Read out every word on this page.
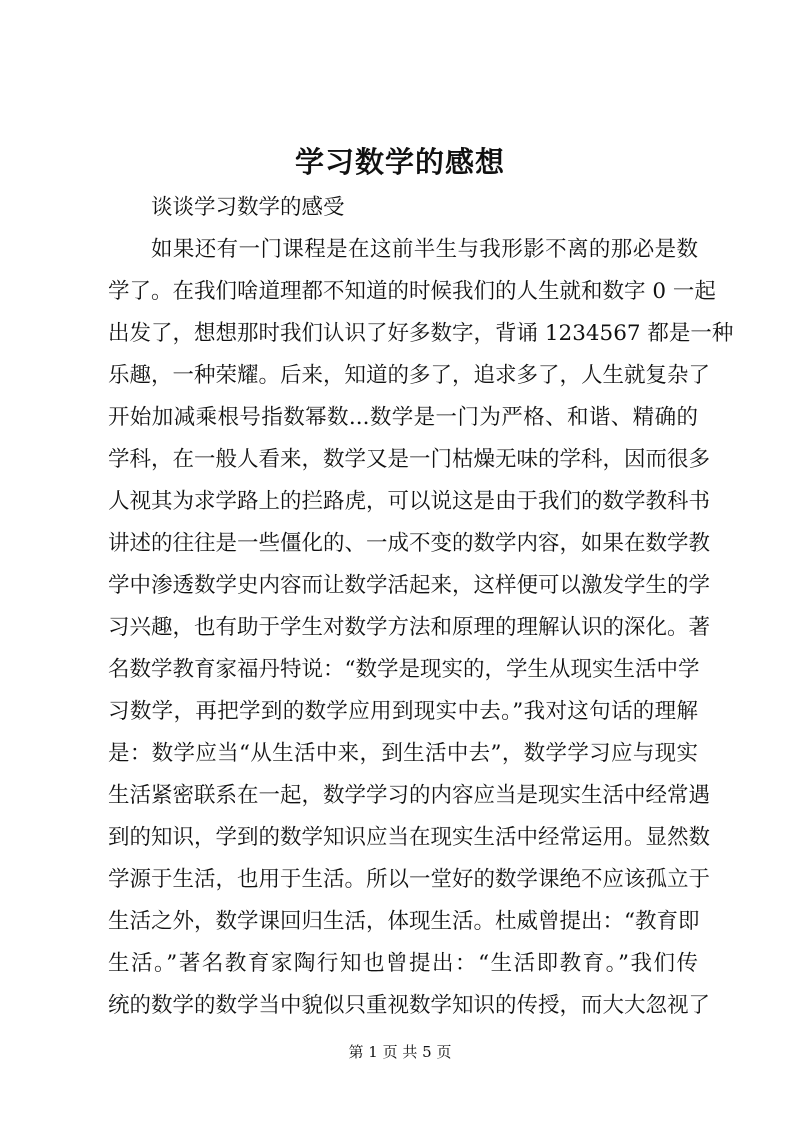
学习数学的感想
谈谈学习数学的感受
如果还有一门课程是在这前半生与我形影不离的那必是数
学了。在我们啥道理都不知道的时候我们的人生就和数字 0 一起
出发了，想想那时我们认识了好多数字，背诵 1234567 都是一种
乐趣，一种荣耀。后来，知道的多了，追求多了，人生就复杂了
开始加减乘根号指数幂数...数学是一门为严格、和谐、精确的
学科，在一般人看来，数学又是一门枯燥无味的学科，因而很多
人视其为求学路上的拦路虎，可以说这是由于我们的数学教科书
讲述的往往是一些僵化的、一成不变的数学内容，如果在数学教
学中渗透数学史内容而让数学活起来，这样便可以激发学生的学
习兴趣，也有助于学生对数学方法和原理的理解认识的深化。著
名数学教育家福丹特说：“数学是现实的，学生从现实生活中学
习数学，再把学到的数学应用到现实中去。”我对这句话的理解
是：数学应当“从生活中来，到生活中去”，数学学习应与现实
生活紧密联系在一起，数学学习的内容应当是现实生活中经常遇
到的知识，学到的数学知识应当在现实生活中经常运用。显然数
学源于生活，也用于生活。所以一堂好的数学课绝不应该孤立于
生活之外，数学课回归生活，体现生活。杜威曾提出：“教育即
生活。”著名教育家陶行知也曾提出：“生活即教育。”我们传
统的数学的数学当中貌似只重视数学知识的传授，而大大忽视了
第 1 页 共 5 页
